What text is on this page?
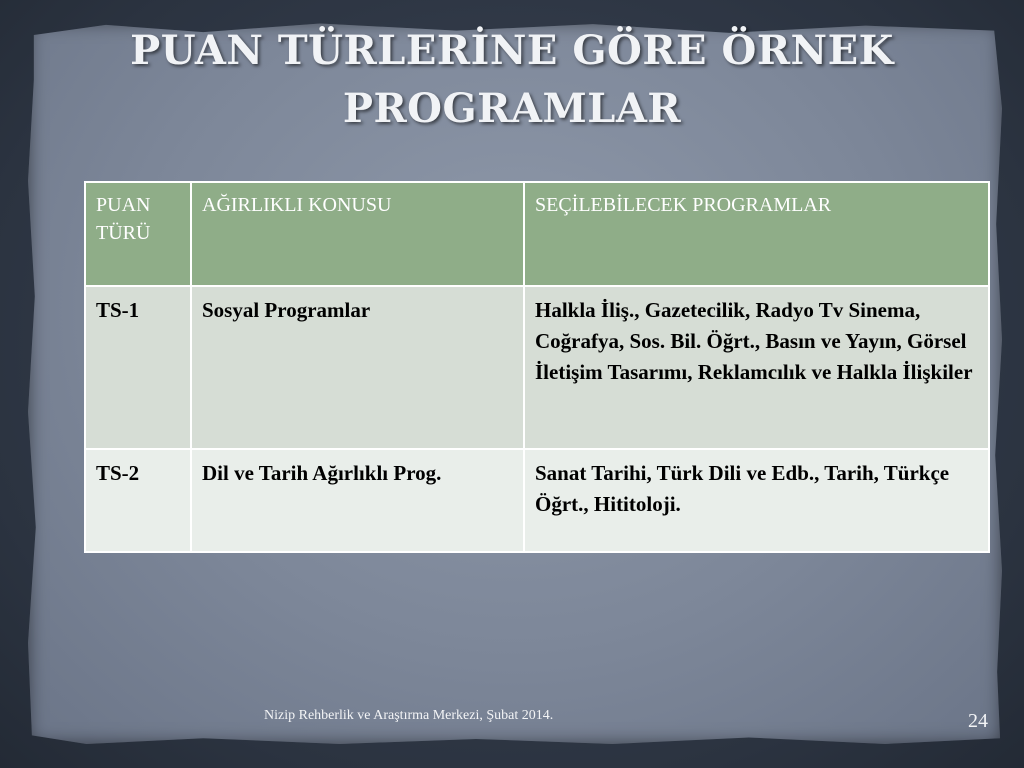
PUAN TÜRLERİNE GÖRE ÖRNEK
PROGRAMLAR
PUAN TÜRÜ	AĞIRLIKLI KONUSU	SEÇİLEBİLECEK PROGRAMLAR
TS-1	Sosyal Programlar	Halkla İliş., Gazetecilik, Radyo Tv Sinema, Coğrafya, Sos. Bil. Öğrt., Basın ve Yayın, Görsel İletişim Tasarımı, Reklamcılık ve Halkla İlişkiler
TS-2	Dil ve Tarih Ağırlıklı Prog.	Sanat Tarihi, Türk Dili ve Edb., Tarih, Türkçe Öğrt., Hititoloji.
Nizip Rehberlik ve Araştırma Merkezi, Şubat 2014.	24
